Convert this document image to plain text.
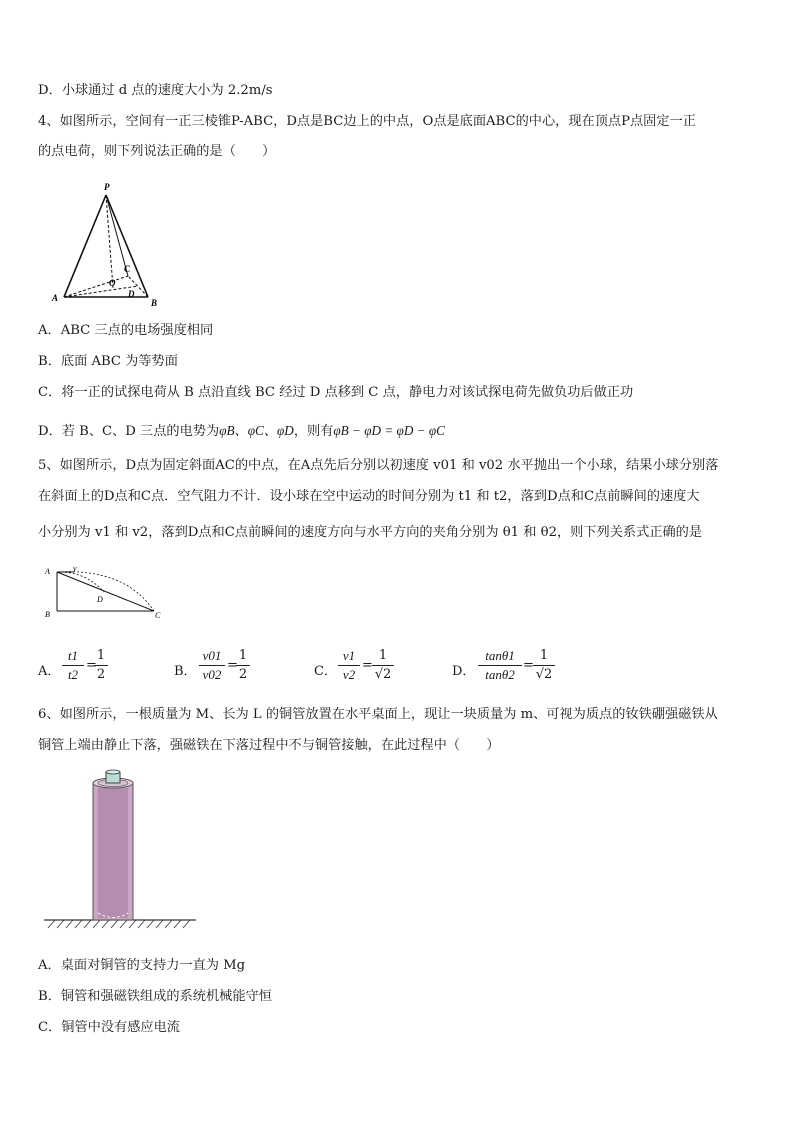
D．小球通过 d 点的速度大小为 2.2m/s
4、如图所示，空间有一正三棱锥P-ABC，D点是BC边上的中点，O点是底面ABC的中心，现在顶点P点固定一正
的点电荷，则下列说法正确的是（　　）
P
A	B
C
O
D
A．ABC 三点的电场强度相同
B．底面 ABC 为等势面
C．将一正的试探电荷从 B 点沿直线 BC 经过 D 点移到 C 点，静电力对该试探电荷先做负功后做正功
D．若 B、C、D 三点的电势为φB、φC、φD，则有φB − φD = φD − φC
5、如图所示，D点为固定斜面AC的中点，在A点先后分别以初速度 v01 和 v02 水平抛出一个小球，结果小球分别落
在斜面上的D点和C点．空气阻力不计．设小球在空中运动的时间分别为 t1 和 t2，落到D点和C点前瞬间的速度大
小分别为 v1 和 v2，落到D点和C点前瞬间的速度方向与水平方向的夹角分别为 θ1 和 θ2，则下列关系式正确的是
A	v
B
D
C
A．
t1
t2
=
1
2	B．
v01
v02
=
1
2	C．
v1
v2
=
1
√2	D．
tanθ1
tanθ2
=
1
√2
6、如图所示，一根质量为 M、长为 L 的铜管放置在水平桌面上，现让一块质量为 m、可视为质点的钕铁硼强磁铁从
铜管上端由静止下落，强磁铁在下落过程中不与铜管接触，在此过程中（　　）
A．桌面对铜管的支持力一直为 Mg
B．铜管和强磁铁组成的系统机械能守恒
C．铜管中没有感应电流
